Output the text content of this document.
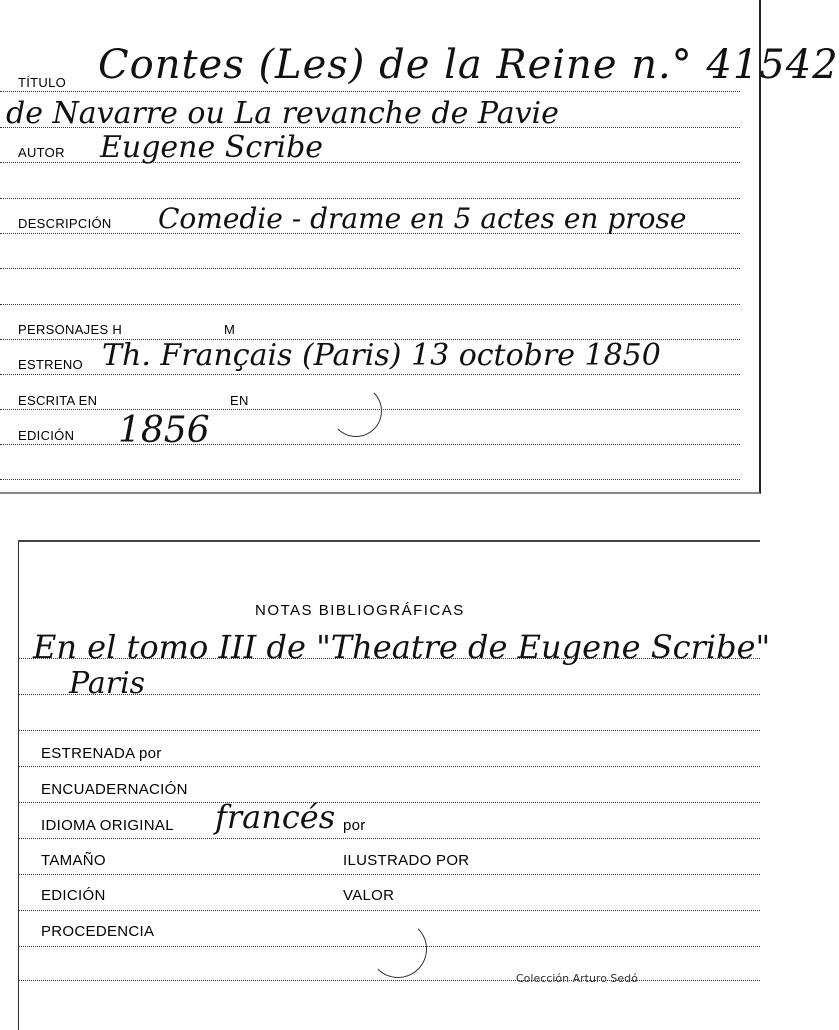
TÍTULO Contes (Les) de la Reine n.° 41542
de Navarre ou La revanche de Pavie
AUTOR Eugene Scribe
DESCRIPCIÓN Comedie - drame en 5 actes en prose
PERSONAJES H	M
ESTRENO Th. Français (Paris) 13 octobre 1850
ESCRITA EN	EN
EDICIÓN 1856
NOTAS BIBLIOGRÁFICAS
En el tomo III de "Theatre de Eugene Scribe"
Paris
ESTRENADA por
ENCUADERNACIÓN
IDIOMA ORIGINAL francés por
TAMAÑO	ILUSTRADO POR
EDICIÓN	VALOR
PROCEDENCIA
Colección Arturo Sedó
